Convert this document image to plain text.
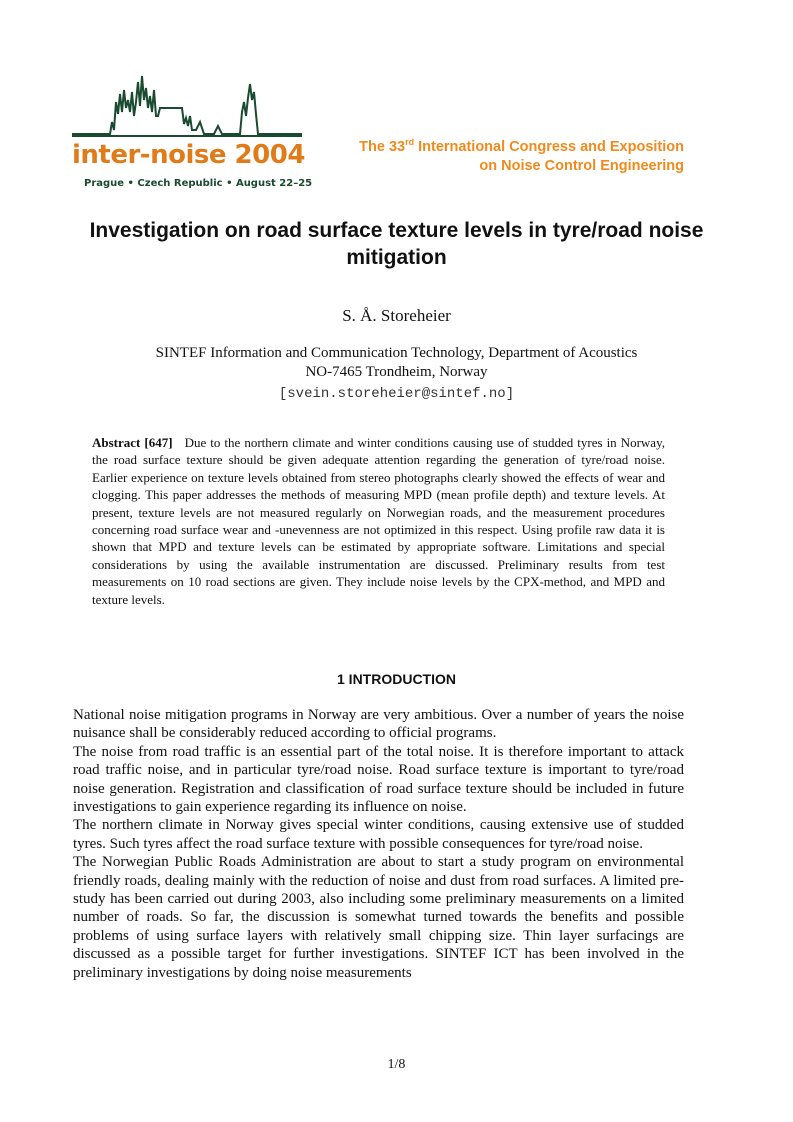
inter-noise 2004
Prague • Czech Republic • August 22–25
The 33rd International Congress and Exposition
on Noise Control Engineering
Investigation on road surface texture levels in tyre/road noise mitigation
S. Å. Storeheier
SINTEF Information and Communication Technology, Department of Acoustics
NO-7465 Trondheim, Norway
[svein.storeheier@sintef.no]
Abstract [647] Due to the northern climate and winter conditions causing use of studded tyres in Norway, the road surface texture should be given adequate attention regarding the generation of tyre/road noise. Earlier experience on texture levels obtained from stereo photographs clearly showed the effects of wear and clogging. This paper addresses the methods of measuring MPD (mean profile depth) and texture levels. At present, texture levels are not measured regularly on Norwegian roads, and the measurement procedures concerning road surface wear and -unevenness are not optimized in this respect. Using profile raw data it is shown that MPD and texture levels can be estimated by appropriate software. Limitations and special considerations by using the available instrumentation are discussed. Preliminary results from test measurements on 10 road sections are given. They include noise levels by the CPX-method, and MPD and texture levels.
1 INTRODUCTION

National noise mitigation programs in Norway are very ambitious. Over a number of years the noise nuisance shall be considerably reduced according to official programs.

The noise from road traffic is an essential part of the total noise. It is therefore important to attack road traffic noise, and in particular tyre/road noise. Road surface texture is important to tyre/road noise generation. Registration and classification of road surface texture should be included in future investigations to gain experience regarding its influence on noise.

The northern climate in Norway gives special winter conditions, causing extensive use of studded tyres. Such tyres affect the road surface texture with possible consequences for tyre/road noise.

The Norwegian Public Roads Administration are about to start a study program on environmental friendly roads, dealing mainly with the reduction of noise and dust from road surfaces. A limited pre-study has been carried out during 2003, also including some preliminary measurements on a limited number of roads. So far, the discussion is somewhat turned towards the benefits and possible problems of using surface layers with relatively small chipping size. Thin layer surfacings are discussed as a possible target for further investigations. SINTEF ICT has been involved in the preliminary investigations by doing noise measurements

1/8
